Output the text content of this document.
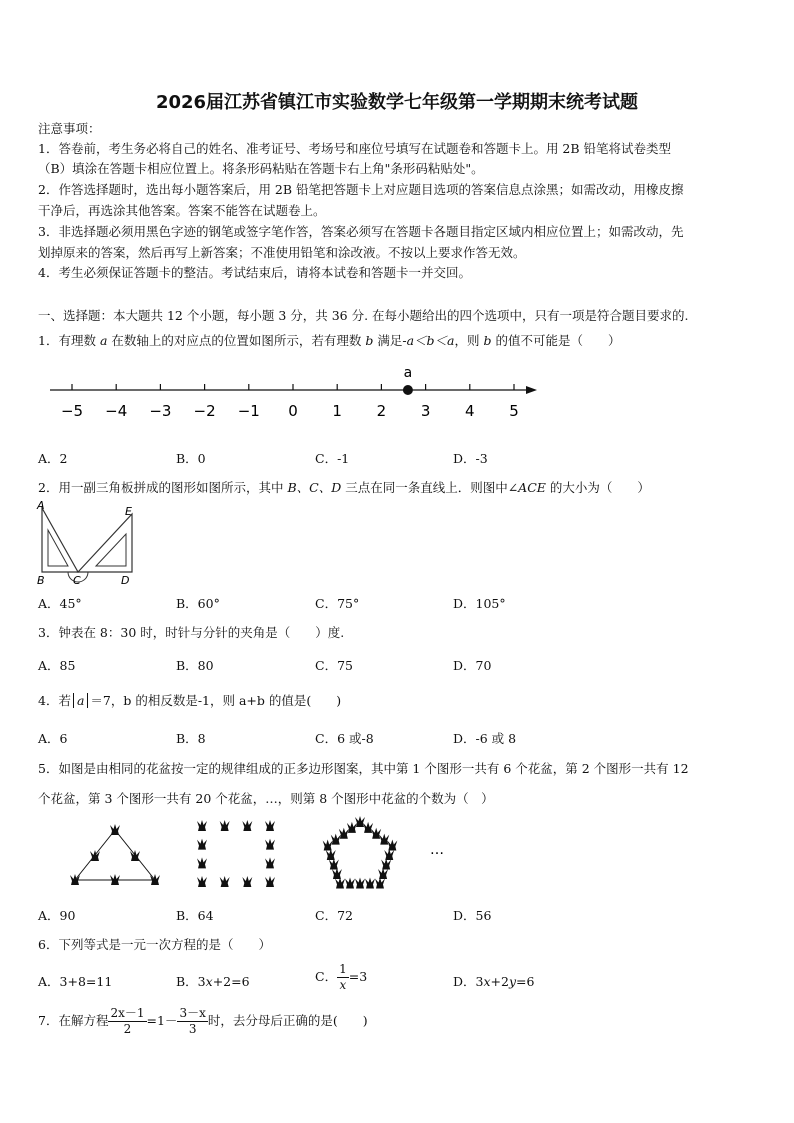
2026届江苏省镇江市实验数学七年级第一学期期末统考试题
注意事项：
1．答卷前，考生务必将自己的姓名、准考证号、考场号和座位号填写在试题卷和答题卡上。用 2B 铅笔将试卷类型
（B）填涂在答题卡相应位置上。将条形码粘贴在答题卡右上角"条形码粘贴处"。
2．作答选择题时，选出每小题答案后，用 2B 铅笔把答题卡上对应题目选项的答案信息点涂黑；如需改动，用橡皮擦
干净后，再选涂其他答案。答案不能答在试题卷上。
3．非选择题必须用黑色字迹的钢笔或签字笔作答，答案必须写在答题卡各题目指定区域内相应位置上；如需改动，先
划掉原来的答案，然后再写上新答案；不准使用铅笔和涂改液。不按以上要求作答无效。
4．考生必须保证答题卡的整洁。考试结束后，请将本试卷和答题卡一并交回。
一、选择题：本大题共 12 个小题，每小题 3 分，共 36 分. 在每小题给出的四个选项中，只有一项是符合题目要求的.
1．有理数 a 在数轴上的对应点的位置如图所示，若有理数 b 满足-a＜b＜a，则 b 的值不可能是（　　）
−5 −4 −3 −2 −1 0 1 2 3 4 5
a
A．2	B．0	C．-1	D．-3
2．用一副三角板拼成的图形如图所示，其中 B、C、D 三点在同一条直线上．则图中∠ACE 的大小为（　　）
A	E
B	C	D
A．45°	B．60°	C．75°	D．105°
3．钟表在 8：30 时，时针与分针的夹角是（　　）度.
A．85	B．80	C．75	D．70
4．若 a ＝7，b 的相反数是-1，则 a+b 的值是(　　)
A．6	B．8	C．6 或-8	D．-6 或 8
5．如图是由相同的花盆按一定的规律组成的正多边形图案，其中第 1 个图形一共有 6 个花盆，第 2 个图形一共有 12
个花盆，第 3 个图形一共有 20 个花盆，…，则第 8 个图形中花盆的个数为（　）
…
A．90	B．64	C．72	D．56
6．下列等式是一元一次方程的是（　　）
A．3+8=11	B．3x+2=6	C． $\frac{1}{x} =3$	D．3x+2y=6
7．在解方程 $\frac{2x-1}{2} =1- \frac{3-x}{3}$ 时，去分母后正确的是(　　)
